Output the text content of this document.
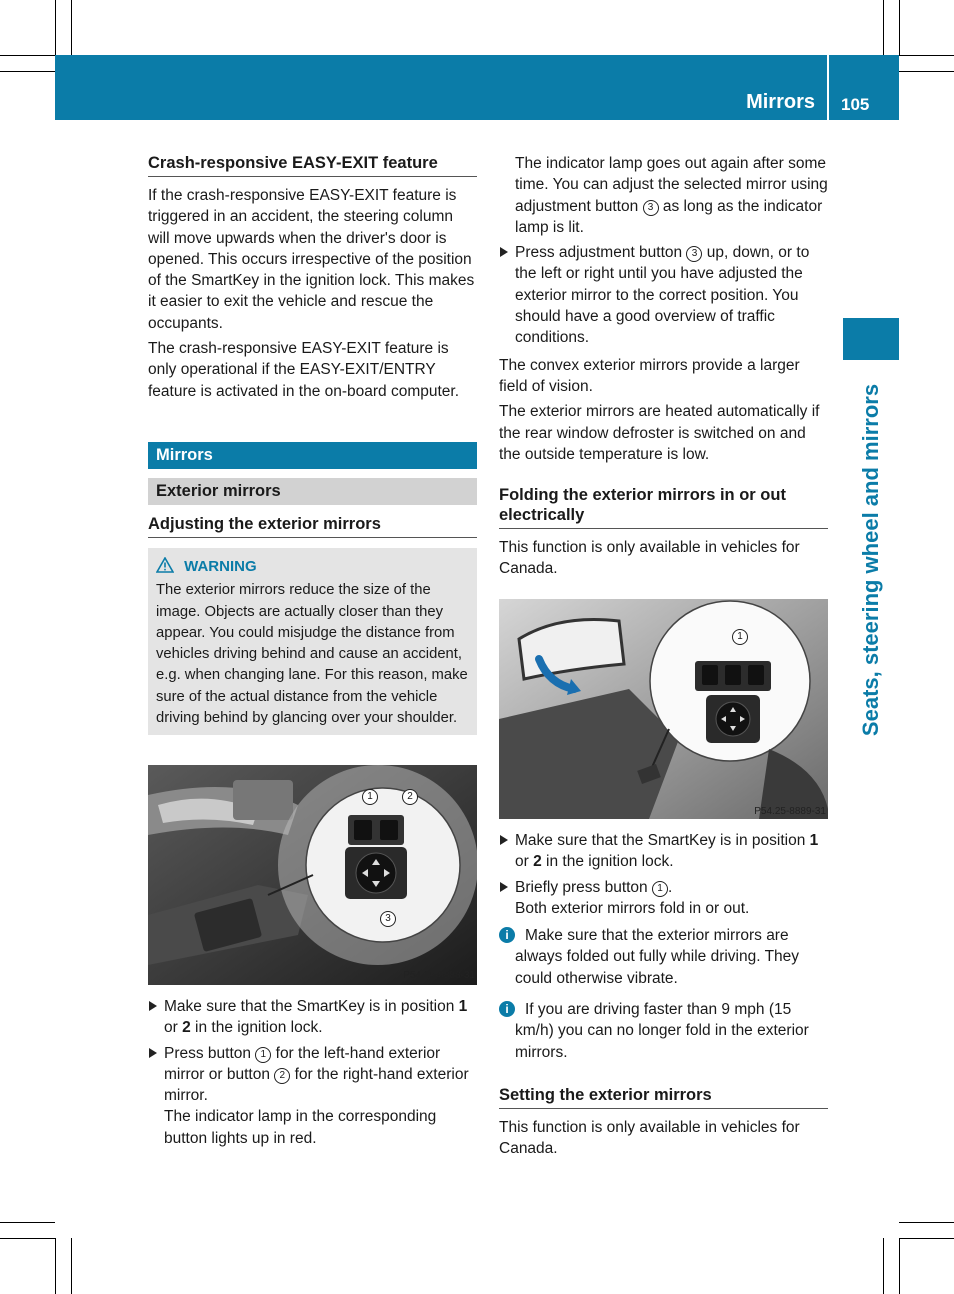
Mirrors 105
Seats, steering wheel and mirrors
Crash-responsive EASY-EXIT feature

If the crash-responsive EASY-EXIT feature is triggered in an accident, the steering column will move upwards when the driver's door is opened. This occurs irrespective of the position of the SmartKey in the ignition lock. This makes it easier to exit the vehicle and rescue the occupants.

The crash-responsive EASY-EXIT feature is only operational if the EASY-EXIT/ENTRY feature is activated in the on-board computer.

Mirrors
Exterior mirrors
Adjusting the exterior mirrors
WARNING
The exterior mirrors reduce the size of the image. Objects are actually closer than they appear. You could misjudge the distance from vehicles driving behind and cause an accident, e.g. when changing lane. For this reason, make sure of the actual distance from the vehicle driving behind by glancing over your shoulder.
1	2
3
P54.25-8888-31
Make sure that the SmartKey is in position 1 or 2 in the ignition lock.
Press button 1 for the left-hand exterior mirror or button 2 for the right-hand exterior mirror.
The indicator lamp in the corresponding button lights up in red.
The indicator lamp goes out again after some time. You can adjust the selected mirror using adjustment button 3 as long as the indicator lamp is lit.
Press adjustment button 3 up, down, or to the left or right until you have adjusted the exterior mirror to the correct position. You should have a good overview of traffic conditions.

The convex exterior mirrors provide a larger field of vision.

The exterior mirrors are heated automatically if the rear window defroster is switched on and the outside temperature is low.

Folding the exterior mirrors in or out electrically

This function is only available in vehicles for Canada.

1
P54.25-8889-31
Make sure that the SmartKey is in position 1 or 2 in the ignition lock.
Briefly press button 1 .
Both exterior mirrors fold in or out.
i	Make sure that the exterior mirrors are always folded out fully while driving. They could otherwise vibrate.
i	If you are driving faster than 9 mph (15 km/h) you can no longer fold in the exterior mirrors.
Setting the exterior mirrors

This function is only available in vehicles for Canada.
